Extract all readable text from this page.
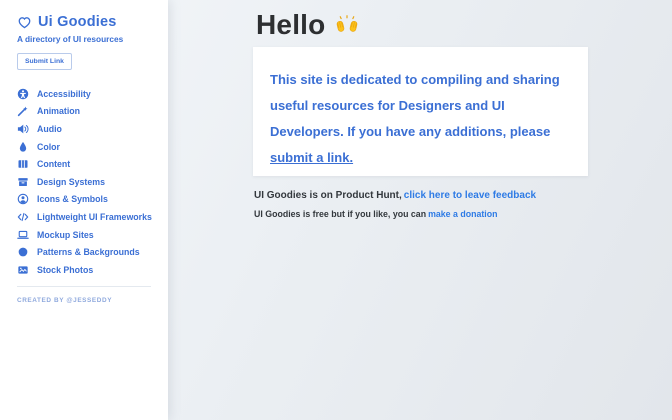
Ui Goodies
A directory of UI resources
Submit Link
Accessibility
Animation
Audio
Color
Content
Design Systems
Icons & Symbols
Lightweight UI Frameworks
Mockup Sites
Patterns & Backgrounds
Stock Photos
CREATED BY @JESSEDDY
Hello

This site is dedicated to compiling and sharing useful resources for Designers and UI Developers. If you have any additions, please submit a link.

UI Goodies is on Product Hunt, click here to leave feedback

UI Goodies is free but if you like, you can make a donation
